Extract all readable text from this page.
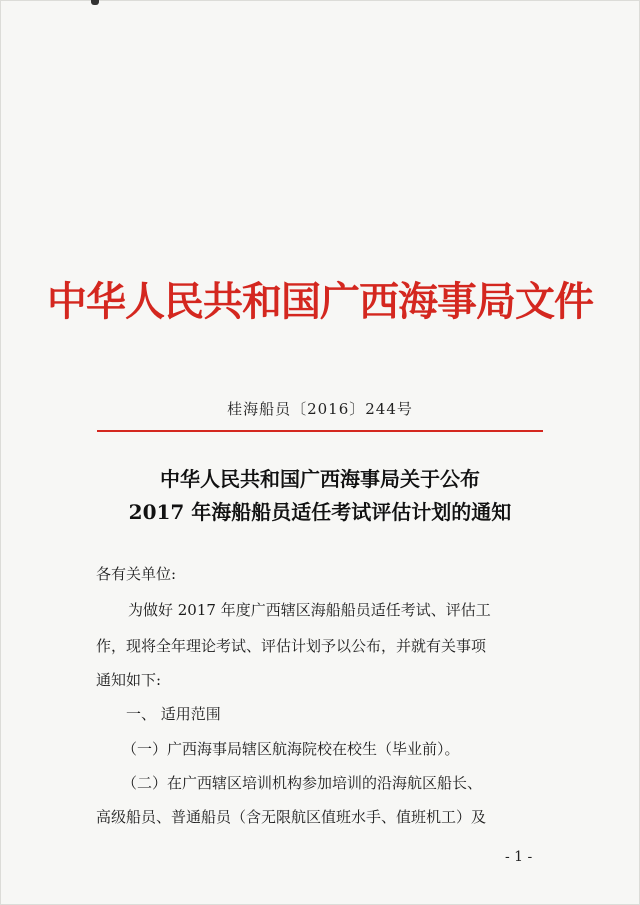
中华人民共和国广西海事局文件
桂海船员〔2016〕244号
中华人民共和国广西海事局关于公布
2017 年海船船员适任考试评估计划的通知
各有关单位:
为做好 2017 年度广西辖区海船船员适任考试、评估工
作，现将全年理论考试、评估计划予以公布，并就有关事项
通知如下:
一、 适用范围
（一）广西海事局辖区航海院校在校生（毕业前）。
（二）在广西辖区培训机构参加培训的沿海航区船长、
高级船员、普通船员（含无限航区值班水手、值班机工）及
- 1 -
